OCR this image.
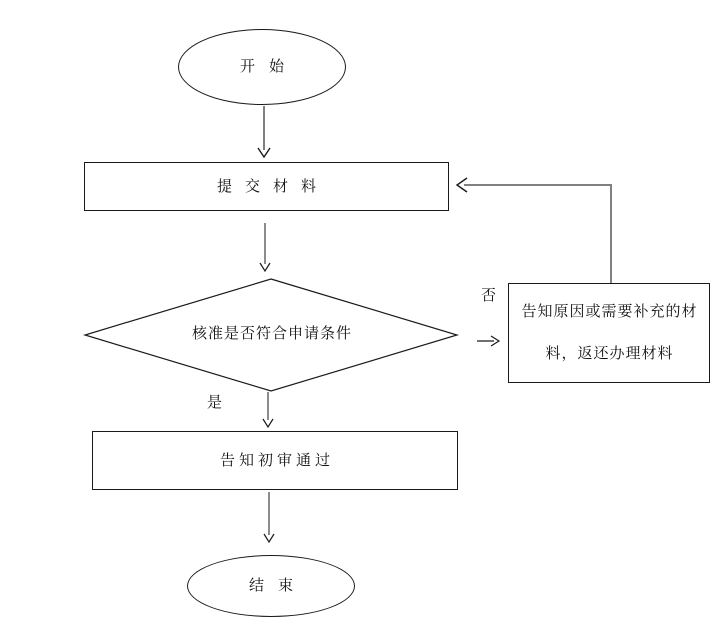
开始
提交材料
核准是否符合申请条件
否
告知原因或需要补充的材
料，返还办理材料
是
告知初审通过
结束
